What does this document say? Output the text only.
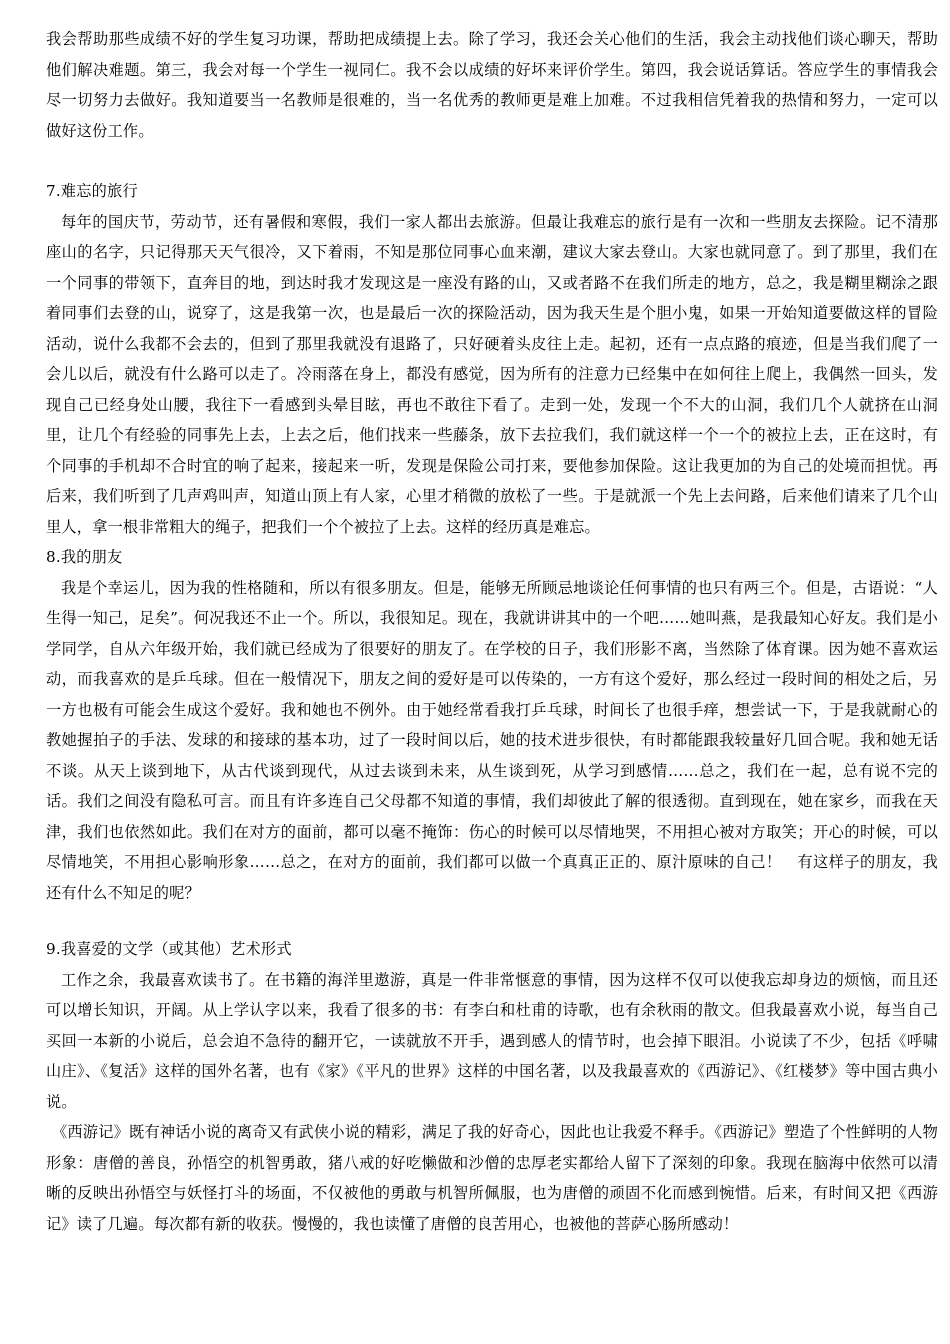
我会帮助那些成绩不好的学生复习功课，帮助把成绩提上去。除了学习，我还会关心他们的生活，我会主动找他们谈心聊天，帮助他们解决难题。第三，我会对每一个学生一视同仁。我不会以成绩的好坏来评价学生。第四，我会说话算话。答应学生的事情我会尽一切努力去做好。我知道要当一名教师是很难的，当一名优秀的教师更是难上加难。不过我相信凭着我的热情和努力，一定可以做好这份工作。

7.难忘的旅行

每年的国庆节，劳动节，还有暑假和寒假，我们一家人都出去旅游。但最让我难忘的旅行是有一次和一些朋友去探险。记不清那座山的名字，只记得那天天气很冷，又下着雨，不知是那位同事心血来潮，建议大家去登山。大家也就同意了。到了那里，我们在一个同事的带领下，直奔目的地，到达时我才发现这是一座没有路的山，又或者路不在我们所走的地方，总之，我是糊里糊涂之跟着同事们去登的山，说穿了，这是我第一次，也是最后一次的探险活动，因为我天生是个胆小鬼，如果一开始知道要做这样的冒险活动，说什么我都不会去的，但到了那里我就没有退路了，只好硬着头皮往上走。起初，还有一点点路的痕迹，但是当我们爬了一会儿以后，就没有什么路可以走了。冷雨落在身上，都没有感觉，因为所有的注意力已经集中在如何往上爬上，我偶然一回头，发现自己已经身处山腰，我往下一看感到头晕目眩，再也不敢往下看了。走到一处，发现一个不大的山洞，我们几个人就挤在山洞里，让几个有经验的同事先上去，上去之后，他们找来一些藤条，放下去拉我们，我们就这样一个一个的被拉上去，正在这时，有个同事的手机却不合时宜的响了起来，接起来一听，发现是保险公司打来，要他参加保险。这让我更加的为自己的处境而担忧。再后来，我们听到了几声鸡叫声，知道山顶上有人家，心里才稍微的放松了一些。于是就派一个先上去问路，后来他们请来了几个山里人，拿一根非常粗大的绳子，把我们一个个被拉了上去。这样的经历真是难忘。

8.我的朋友

我是个幸运儿，因为我的性格随和，所以有很多朋友。但是，能够无所顾忌地谈论任何事情的也只有两三个。但是，古语说：“人生得一知己，足矣”。何况我还不止一个。所以，我很知足。现在，我就讲讲其中的一个吧……她叫燕，是我最知心好友。我们是小学同学，自从六年级开始，我们就已经成为了很要好的朋友了。在学校的日子，我们形影不离，当然除了体育课。因为她不喜欢运动，而我喜欢的是乒乓球。但在一般情况下，朋友之间的爱好是可以传染的，一方有这个爱好，那么经过一段时间的相处之后，另一方也极有可能会生成这个爱好。我和她也不例外。由于她经常看我打乒乓球，时间长了也很手痒，想尝试一下，于是我就耐心的教她握拍子的手法、发球的和接球的基本功，过了一段时间以后，她的技术进步很快，有时都能跟我较量好几回合呢。我和她无话不谈。从天上谈到地下，从古代谈到现代，从过去谈到未来，从生谈到死，从学习到感情……总之，我们在一起，总有说不完的话。我们之间没有隐私可言。而且有许多连自己父母都不知道的事情，我们却彼此了解的很透彻。直到现在，她在家乡，而我在天津，我们也依然如此。我们在对方的面前，都可以毫不掩饰：伤心的时候可以尽情地哭，不用担心被对方取笑；开心的时候，可以尽情地笑，不用担心影响形象……总之，在对方的面前，我们都可以做一个真真正正的、原汁原味的自己！　有这样子的朋友，我还有什么不知足的呢？

9.我喜爱的文学（或其他）艺术形式

工作之余，我最喜欢读书了。在书籍的海洋里遨游，真是一件非常惬意的事情，因为这样不仅可以使我忘却身边的烦恼，而且还可以增长知识，开阔。从上学认字以来，我看了很多的书：有李白和杜甫的诗歌，也有余秋雨的散文。但我最喜欢小说，每当自己买回一本新的小说后，总会迫不急待的翻开它，一读就放不开手，遇到感人的情节时，也会掉下眼泪。小说读了不少，包括《呼啸山庄》、《复活》这样的国外名著，也有《家》《平凡的世界》这样的中国名著，以及我最喜欢的《西游记》、《红楼梦》等中国古典小说。

《西游记》既有神话小说的离奇又有武侠小说的精彩，满足了我的好奇心，因此也让我爱不释手。《西游记》塑造了个性鲜明的人物形象：唐僧的善良，孙悟空的机智勇敢，猪八戒的好吃懒做和沙僧的忠厚老实都给人留下了深刻的印象。我现在脑海中依然可以清晰的反映出孙悟空与妖怪打斗的场面，不仅被他的勇敢与机智所佩服，也为唐僧的顽固不化而感到惋惜。后来，有时间又把《西游记》读了几遍。每次都有新的收获。慢慢的，我也读懂了唐僧的良苦用心，也被他的菩萨心肠所感动！
